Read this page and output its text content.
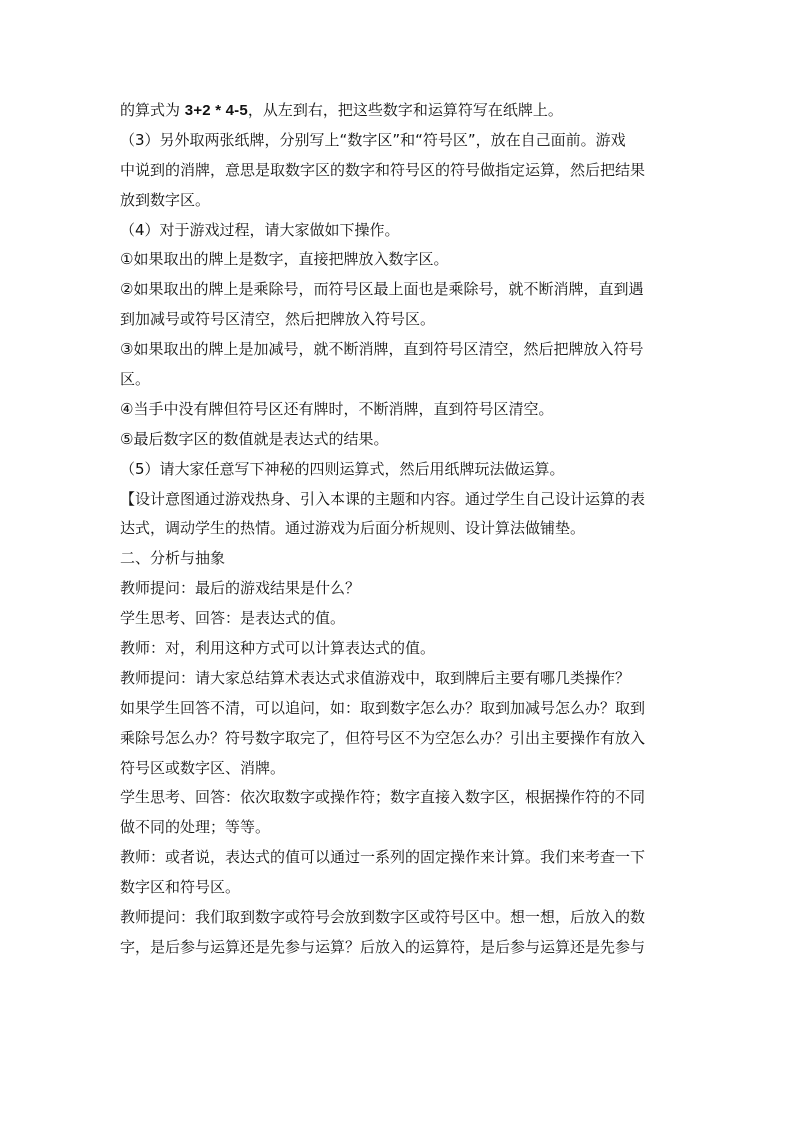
的算式为 3+2 * 4-5，从左到右，把这些数字和运算符写在纸牌上。
（3）另外取两张纸牌，分别写上“数字区”和“符号区”，放在自己面前。游戏
中说到的消牌，意思是取数字区的数字和符号区的符号做指定运算，然后把结果
放到数字区。
（4）对于游戏过程，请大家做如下操作。
①如果取出的牌上是数字，直接把牌放入数字区。
②如果取出的牌上是乘除号，而符号区最上面也是乘除号，就不断消牌，直到遇
到加减号或符号区清空，然后把牌放入符号区。
③如果取出的牌上是加减号，就不断消牌，直到符号区清空，然后把牌放入符号
区。
④当手中没有牌但符号区还有牌时，不断消牌，直到符号区清空。
⑤最后数字区的数值就是表达式的结果。
（5）请大家任意写下神秘的四则运算式，然后用纸牌玩法做运算。
【设计意图通过游戏热身、引入本课的主题和内容。通过学生自己设计运算的表
达式，调动学生的热情。通过游戏为后面分析规则、设计算法做铺垫。
二、分析与抽象
教师提问：最后的游戏结果是什么？
学生思考、回答：是表达式的值。
教师：对，利用这种方式可以计算表达式的值。
教师提问：请大家总结算术表达式求值游戏中，取到牌后主要有哪几类操作？
如果学生回答不清，可以追问，如：取到数字怎么办？取到加减号怎么办？取到
乘除号怎么办？符号数字取完了，但符号区不为空怎么办？引出主要操作有放入
符号区或数字区、消牌。
学生思考、回答：依次取数字或操作符；数字直接入数字区，根据操作符的不同
做不同的处理；等等。
教师：或者说，表达式的值可以通过一系列的固定操作来计算。我们来考查一下
数字区和符号区。
教师提问：我们取到数字或符号会放到数字区或符号区中。想一想，后放入的数
字，是后参与运算还是先参与运算？后放入的运算符，是后参与运算还是先参与
